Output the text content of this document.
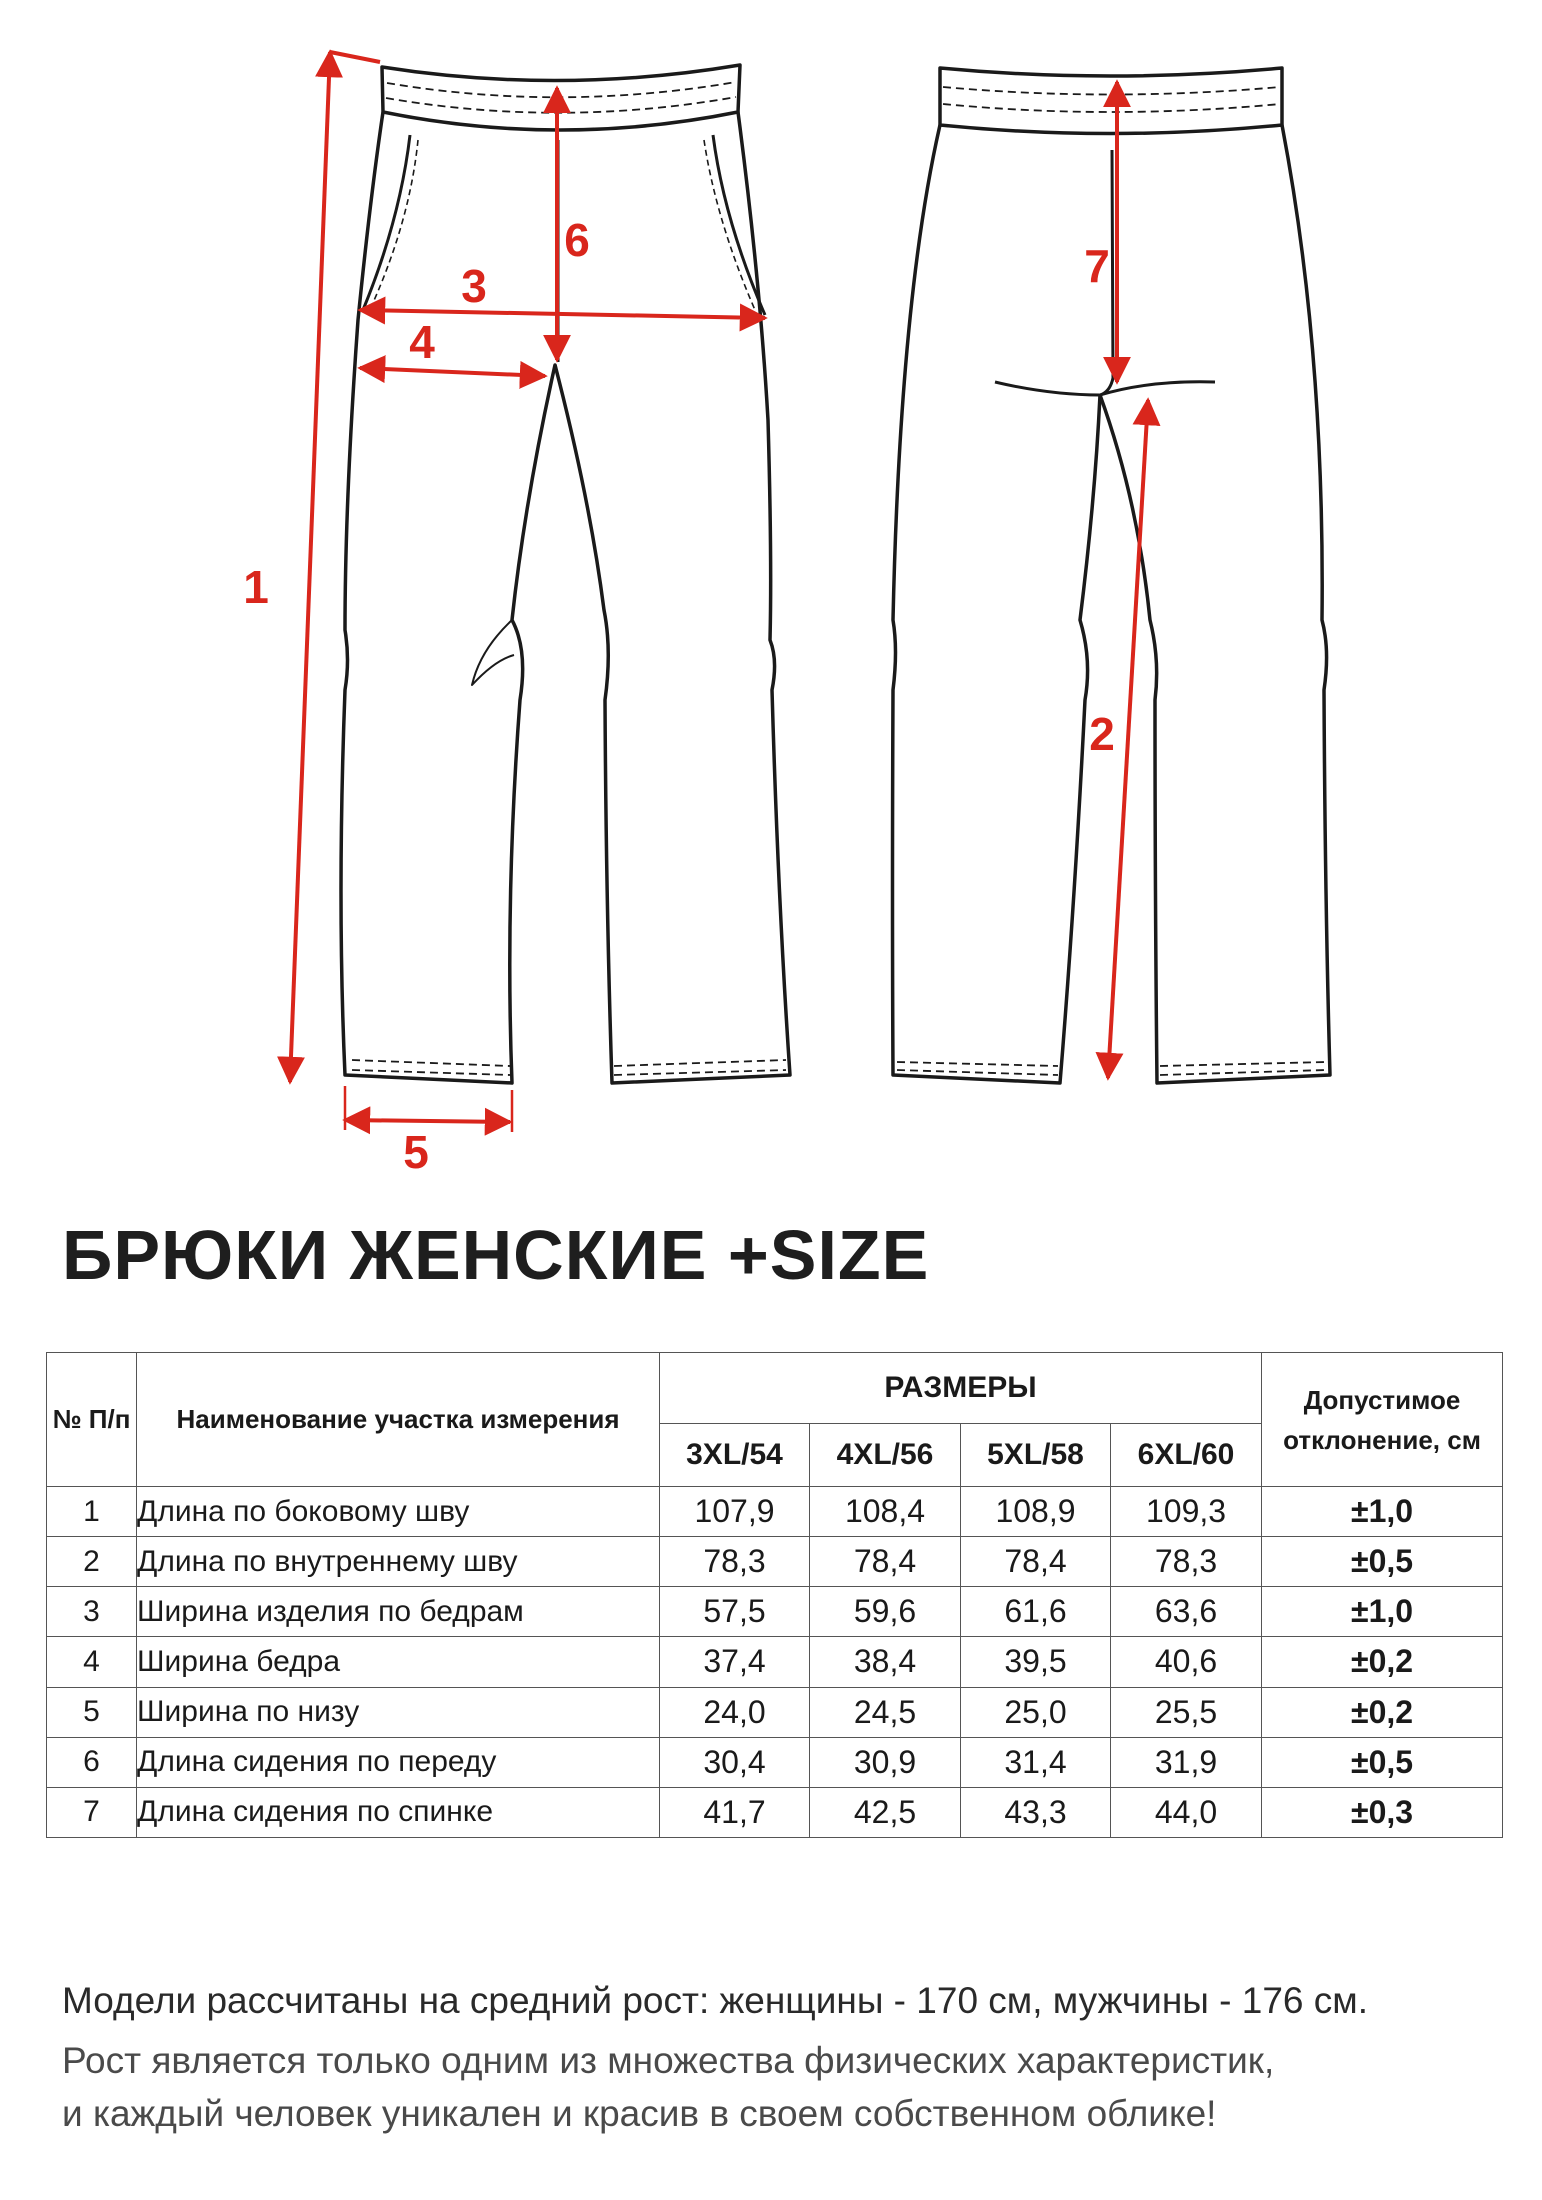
1
2
3
4
5
6	7
БРЮКИ ЖЕНСКИЕ +SIZE
№ П/п	Наименование участка измерения	РАЗМЕРЫ				Допустимое отклонение, см
		3XL/54	4XL/56	5XL/58	6XL/60	
1	Длина по боковому шву	107,9	108,4	108,9	109,3	±1,0
2	Длина по внутреннему шву	78,3	78,4	78,4	78,3	±0,5
3	Ширина изделия по бедрам	57,5	59,6	61,6	63,6	±1,0
4	Ширина бедра	37,4	38,4	39,5	40,6	±0,2
5	Ширина по низу	24,0	24,5	25,0	25,5	±0,2
6	Длина сидения по переду	30,4	30,9	31,4	31,9	±0,5
7	Длина сидения по спинке	41,7	42,5	43,3	44,0	±0,3

Модели рассчитаны на средний рост: женщины - 170 см, мужчины - 176 см.

Рост является только одним из множества физических характеристик,

и каждый человек уникален и красив в своем собственном облике!
